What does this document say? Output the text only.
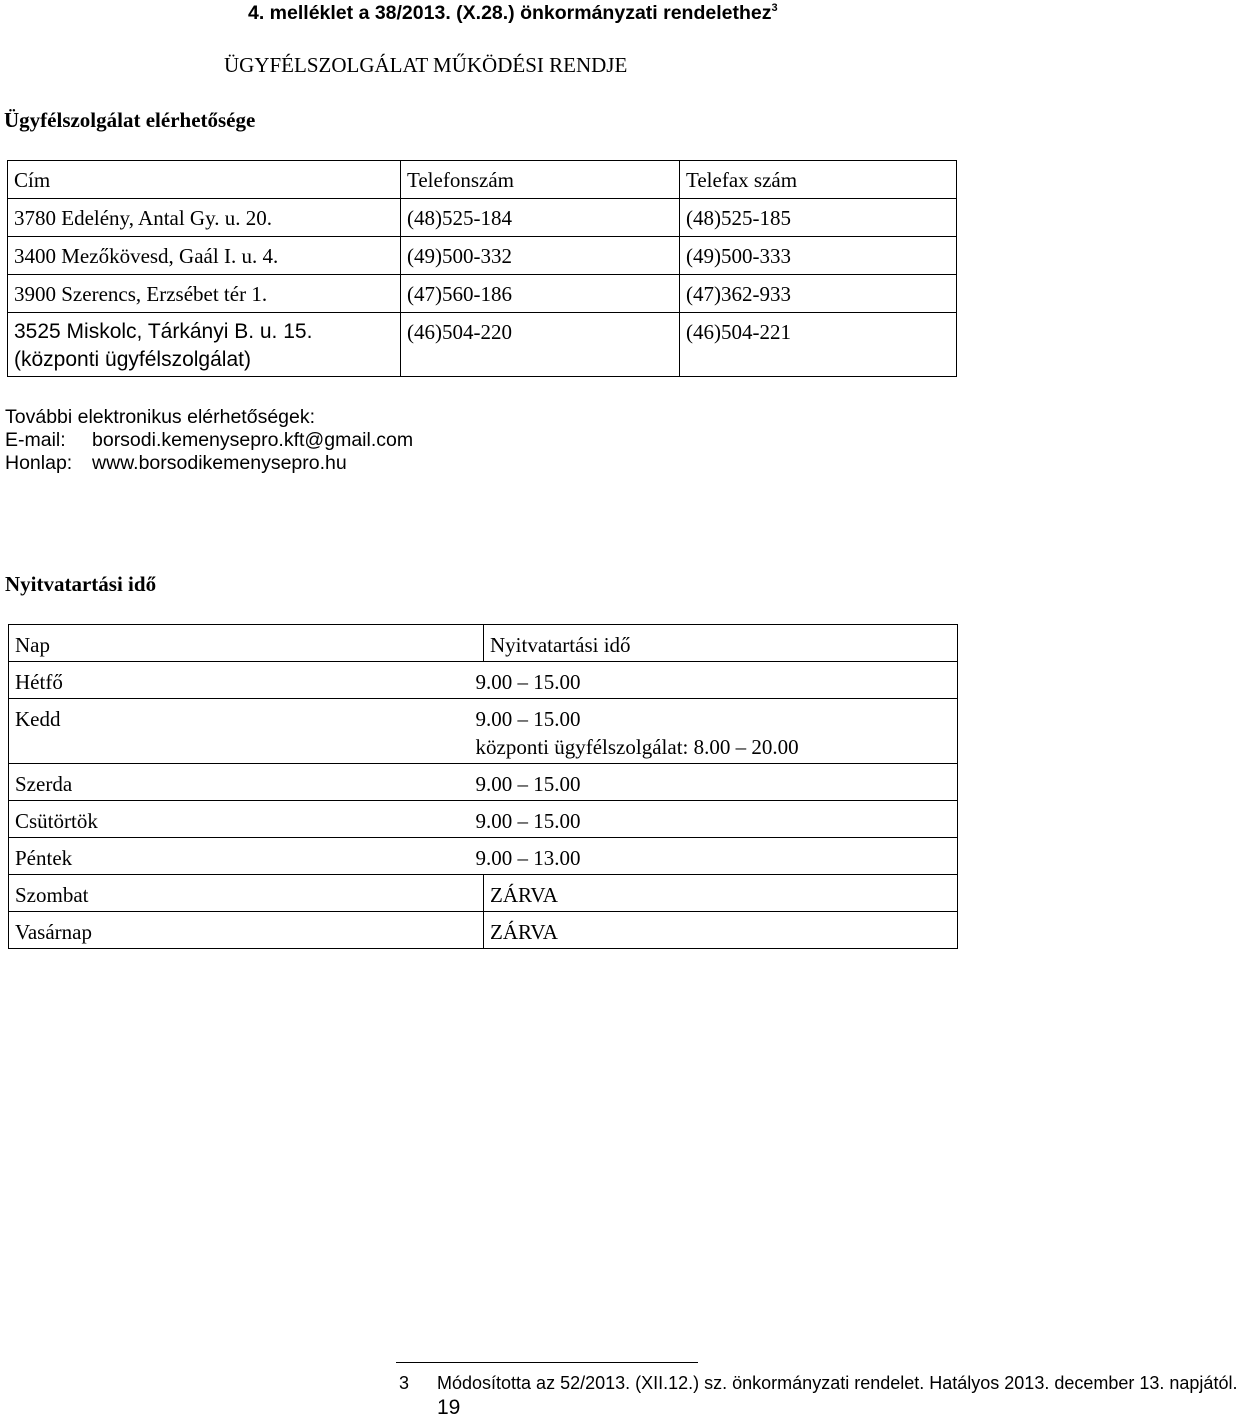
4. melléklet a 38/2013. (X.28.) önkormányzati rendelethez$^3$
ÜGYFÉLSZOLGÁLAT MŰKÖDÉSI RENDJE
Ügyfélszolgálat elérhetősége
Cím	Telefonszám	Telefax szám

3780 Edelény, Antal Gy. u. 20.	(48)525-184	(48)525-185

3400 Mezőkövesd, Gaál I. u. 4.	(49)500-332	(49)500-333

3900 Szerencs, Erzsébet tér 1.	(47)560-186	(47)362-933

3525 Miskolc, Tárkányi B. u. 15.
(központi ügyfélszolgálat)	(46)504-220	(46)504-221
További elektronikus elérhetőségek:
E-mail: borsodi.kemenysepro.kft@gmail.com
Honlap: www.borsodikemenysepro.hu
Nyitvatartási idő
Nap	Nyitvatartási idő

Hétfő	9.00 – 15.00

Kedd	9.00 – 15.00
központi ügyfélszolgálat: 8.00 – 20.00

Szerda	9.00 – 15.00

Csütörtök	9.00 – 15.00

Péntek	9.00 – 13.00

Szombat	ZÁRVA

Vasárnap	ZÁRVA
3 Módosította az 52/2013. (XII.12.) sz. önkormányzati rendelet. Hatályos 2013. december 13. napjától.
19
